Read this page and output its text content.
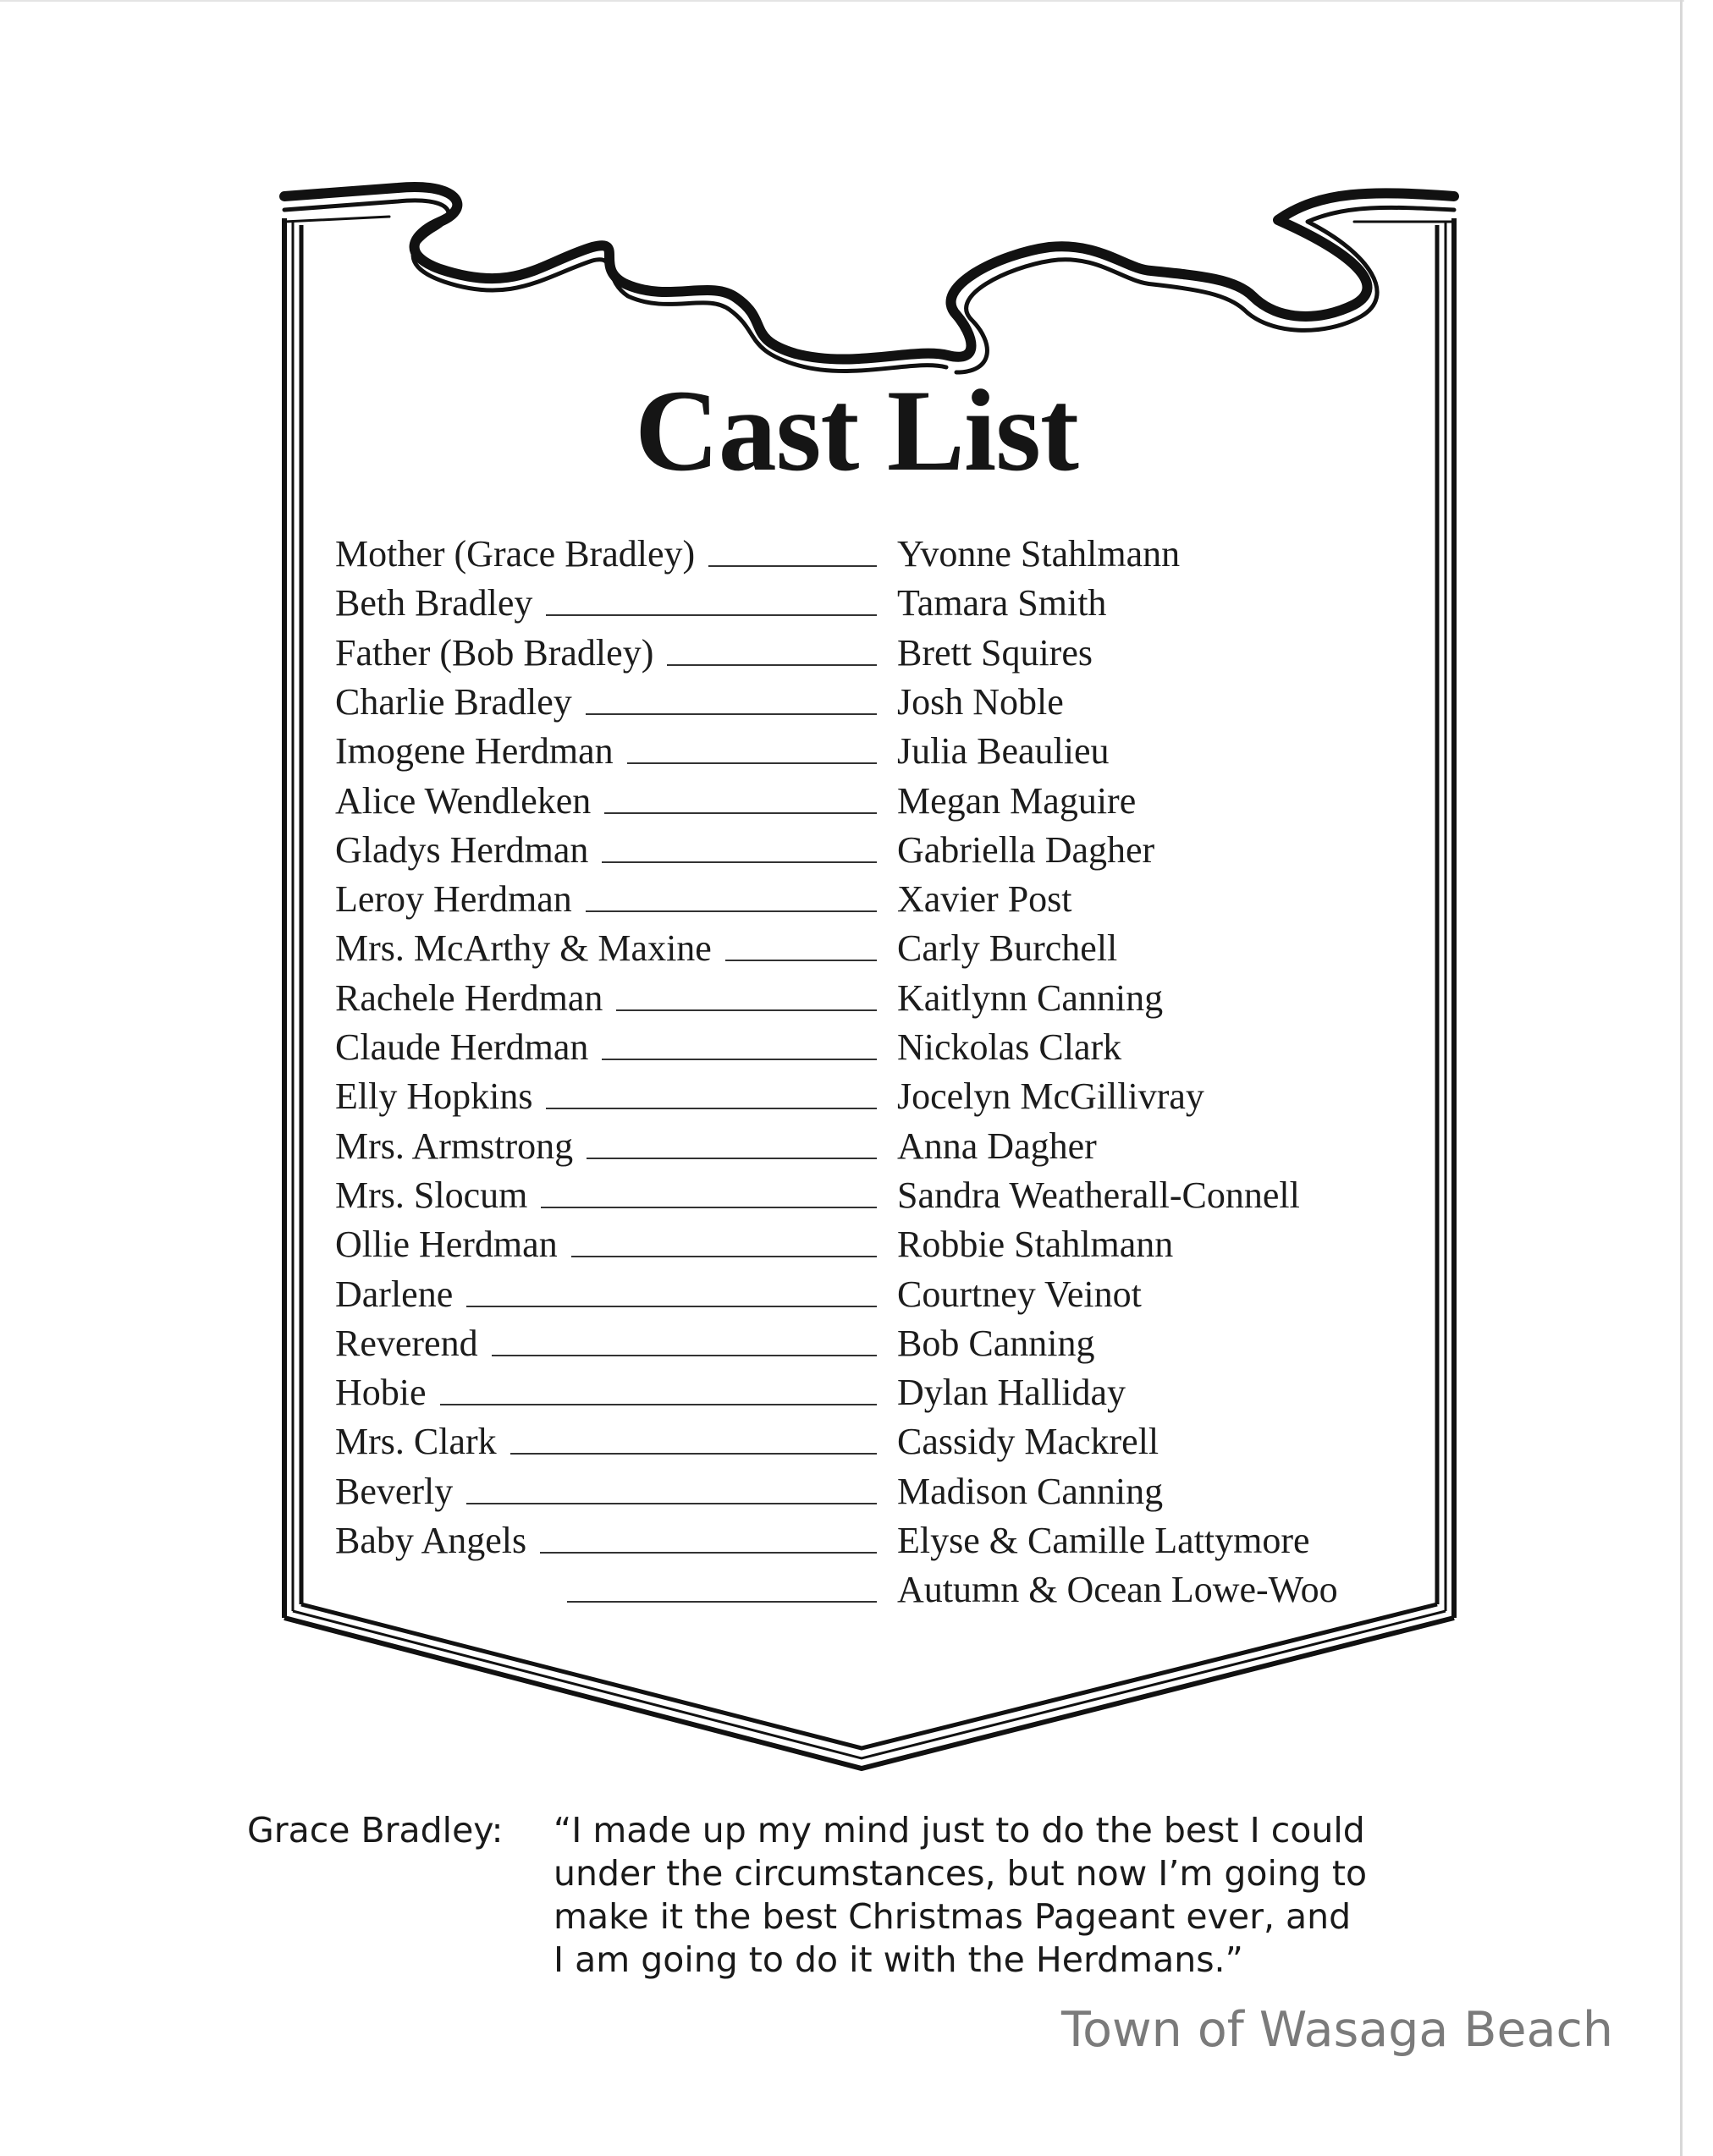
Cast List
Mother (Grace Bradley)	Yvonne Stahlmann
Beth Bradley	Tamara Smith
Father (Bob Bradley)	Brett Squires
Charlie Bradley	Josh Noble
Imogene Herdman	Julia Beaulieu
Alice Wendleken	Megan Maguire
Gladys Herdman	Gabriella Dagher
Leroy Herdman	Xavier Post
Mrs. McArthy & Maxine	Carly Burchell
Rachele Herdman	Kaitlynn Canning
Claude Herdman	Nickolas Clark
Elly Hopkins	Jocelyn McGillivray
Mrs. Armstrong	Anna Dagher
Mrs. Slocum	Sandra Weatherall-Connell
Ollie Herdman	Robbie Stahlmann
Darlene	Courtney Veinot
Reverend	Bob Canning
Hobie	Dylan Halliday
Mrs. Clark	Cassidy Mackrell
Beverly	Madison Canning
Baby Angels	Elyse & Camille Lattymore
Autumn & Ocean Lowe-Woo
Grace Bradley: “I made up my mind just to do the best I could
under the circumstances, but now I’m going to
make it the best Christmas Pageant ever, and
I am going to do it with the Herdmans.”
Town of Wasaga Beach
